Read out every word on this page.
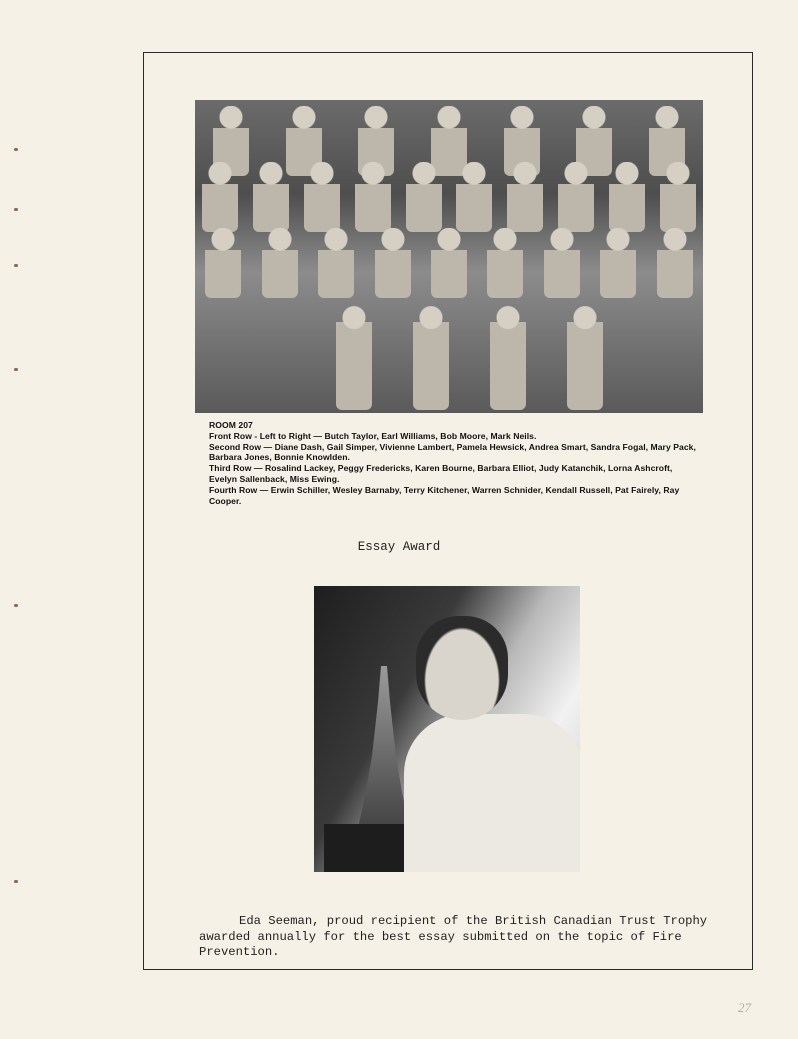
ROOM 207

Front Row - Left to Right — Butch Taylor, Earl Williams, Bob Moore, Mark Neils.

Second Row — Diane Dash, Gail Simper, Vivienne Lambert, Pamela Hewsick, Andrea Smart, Sandra Fogal, Mary Pack, Barbara Jones, Bonnie Knowlden.

Third Row — Rosalind Lackey, Peggy Fredericks, Karen Bourne, Barbara Elliot, Judy Katanchik, Lorna Ashcroft, Evelyn Sallenback, Miss Ewing.

Fourth Row — Erwin Schiller, Wesley Barnaby, Terry Kitchener, Warren Schnider, Kendall Russell, Pat Fairely, Ray Cooper.

Essay Award
Eda Seeman, proud recipient of the British Canadian Trust Trophy awarded annually for the best essay submitted on the topic of Fire Prevention.
27
